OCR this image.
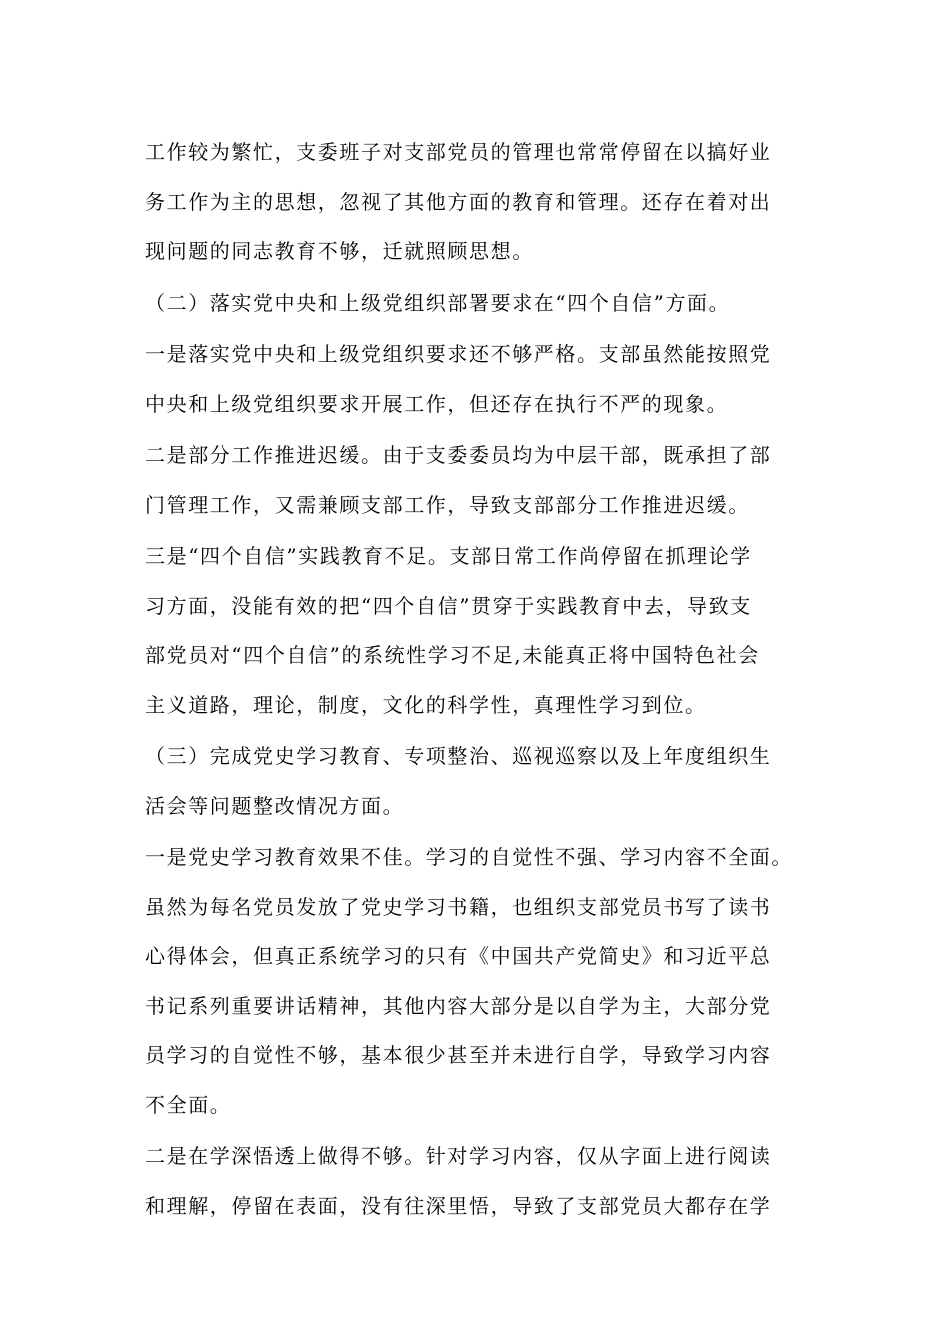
工作较为繁忙，支委班子对支部党员的管理也常常停留在以搞好业
务工作为主的思想，忽视了其他方面的教育和管理。还存在着对出
现问题的同志教育不够，迁就照顾思想。

（二）落实党中央和上级党组织部署要求在“四个自信”方面。

一是落实党中央和上级党组织要求还不够严格。支部虽然能按照党
中央和上级党组织要求开展工作，但还存在执行不严的现象。

二是部分工作推进迟缓。由于支委委员均为中层干部，既承担了部
门管理工作，又需兼顾支部工作，导致支部部分工作推进迟缓。

三是“四个自信”实践教育不足。支部日常工作尚停留在抓理论学
习方面，没能有效的把“四个自信”贯穿于实践教育中去，导致支
部党员对“四个自信”的系统性学习不足,未能真正将中国特色社会
主义道路，理论，制度，文化的科学性，真理性学习到位。

（三）完成党史学习教育、专项整治、巡视巡察以及上年度组织生
活会等问题整改情况方面。

一是党史学习教育效果不佳。学习的自觉性不强、学习内容不全面。
虽然为每名党员发放了党史学习书籍，也组织支部党员书写了读书
心得体会，但真正系统学习的只有《中国共产党简史》和习近平总
书记系列重要讲话精神，其他内容大部分是以自学为主，大部分党
员学习的自觉性不够，基本很少甚至并未进行自学，导致学习内容
不全面。

二是在学深悟透上做得不够。针对学习内容，仅从字面上进行阅读
和理解，停留在表面，没有往深里悟，导致了支部党员大都存在学
